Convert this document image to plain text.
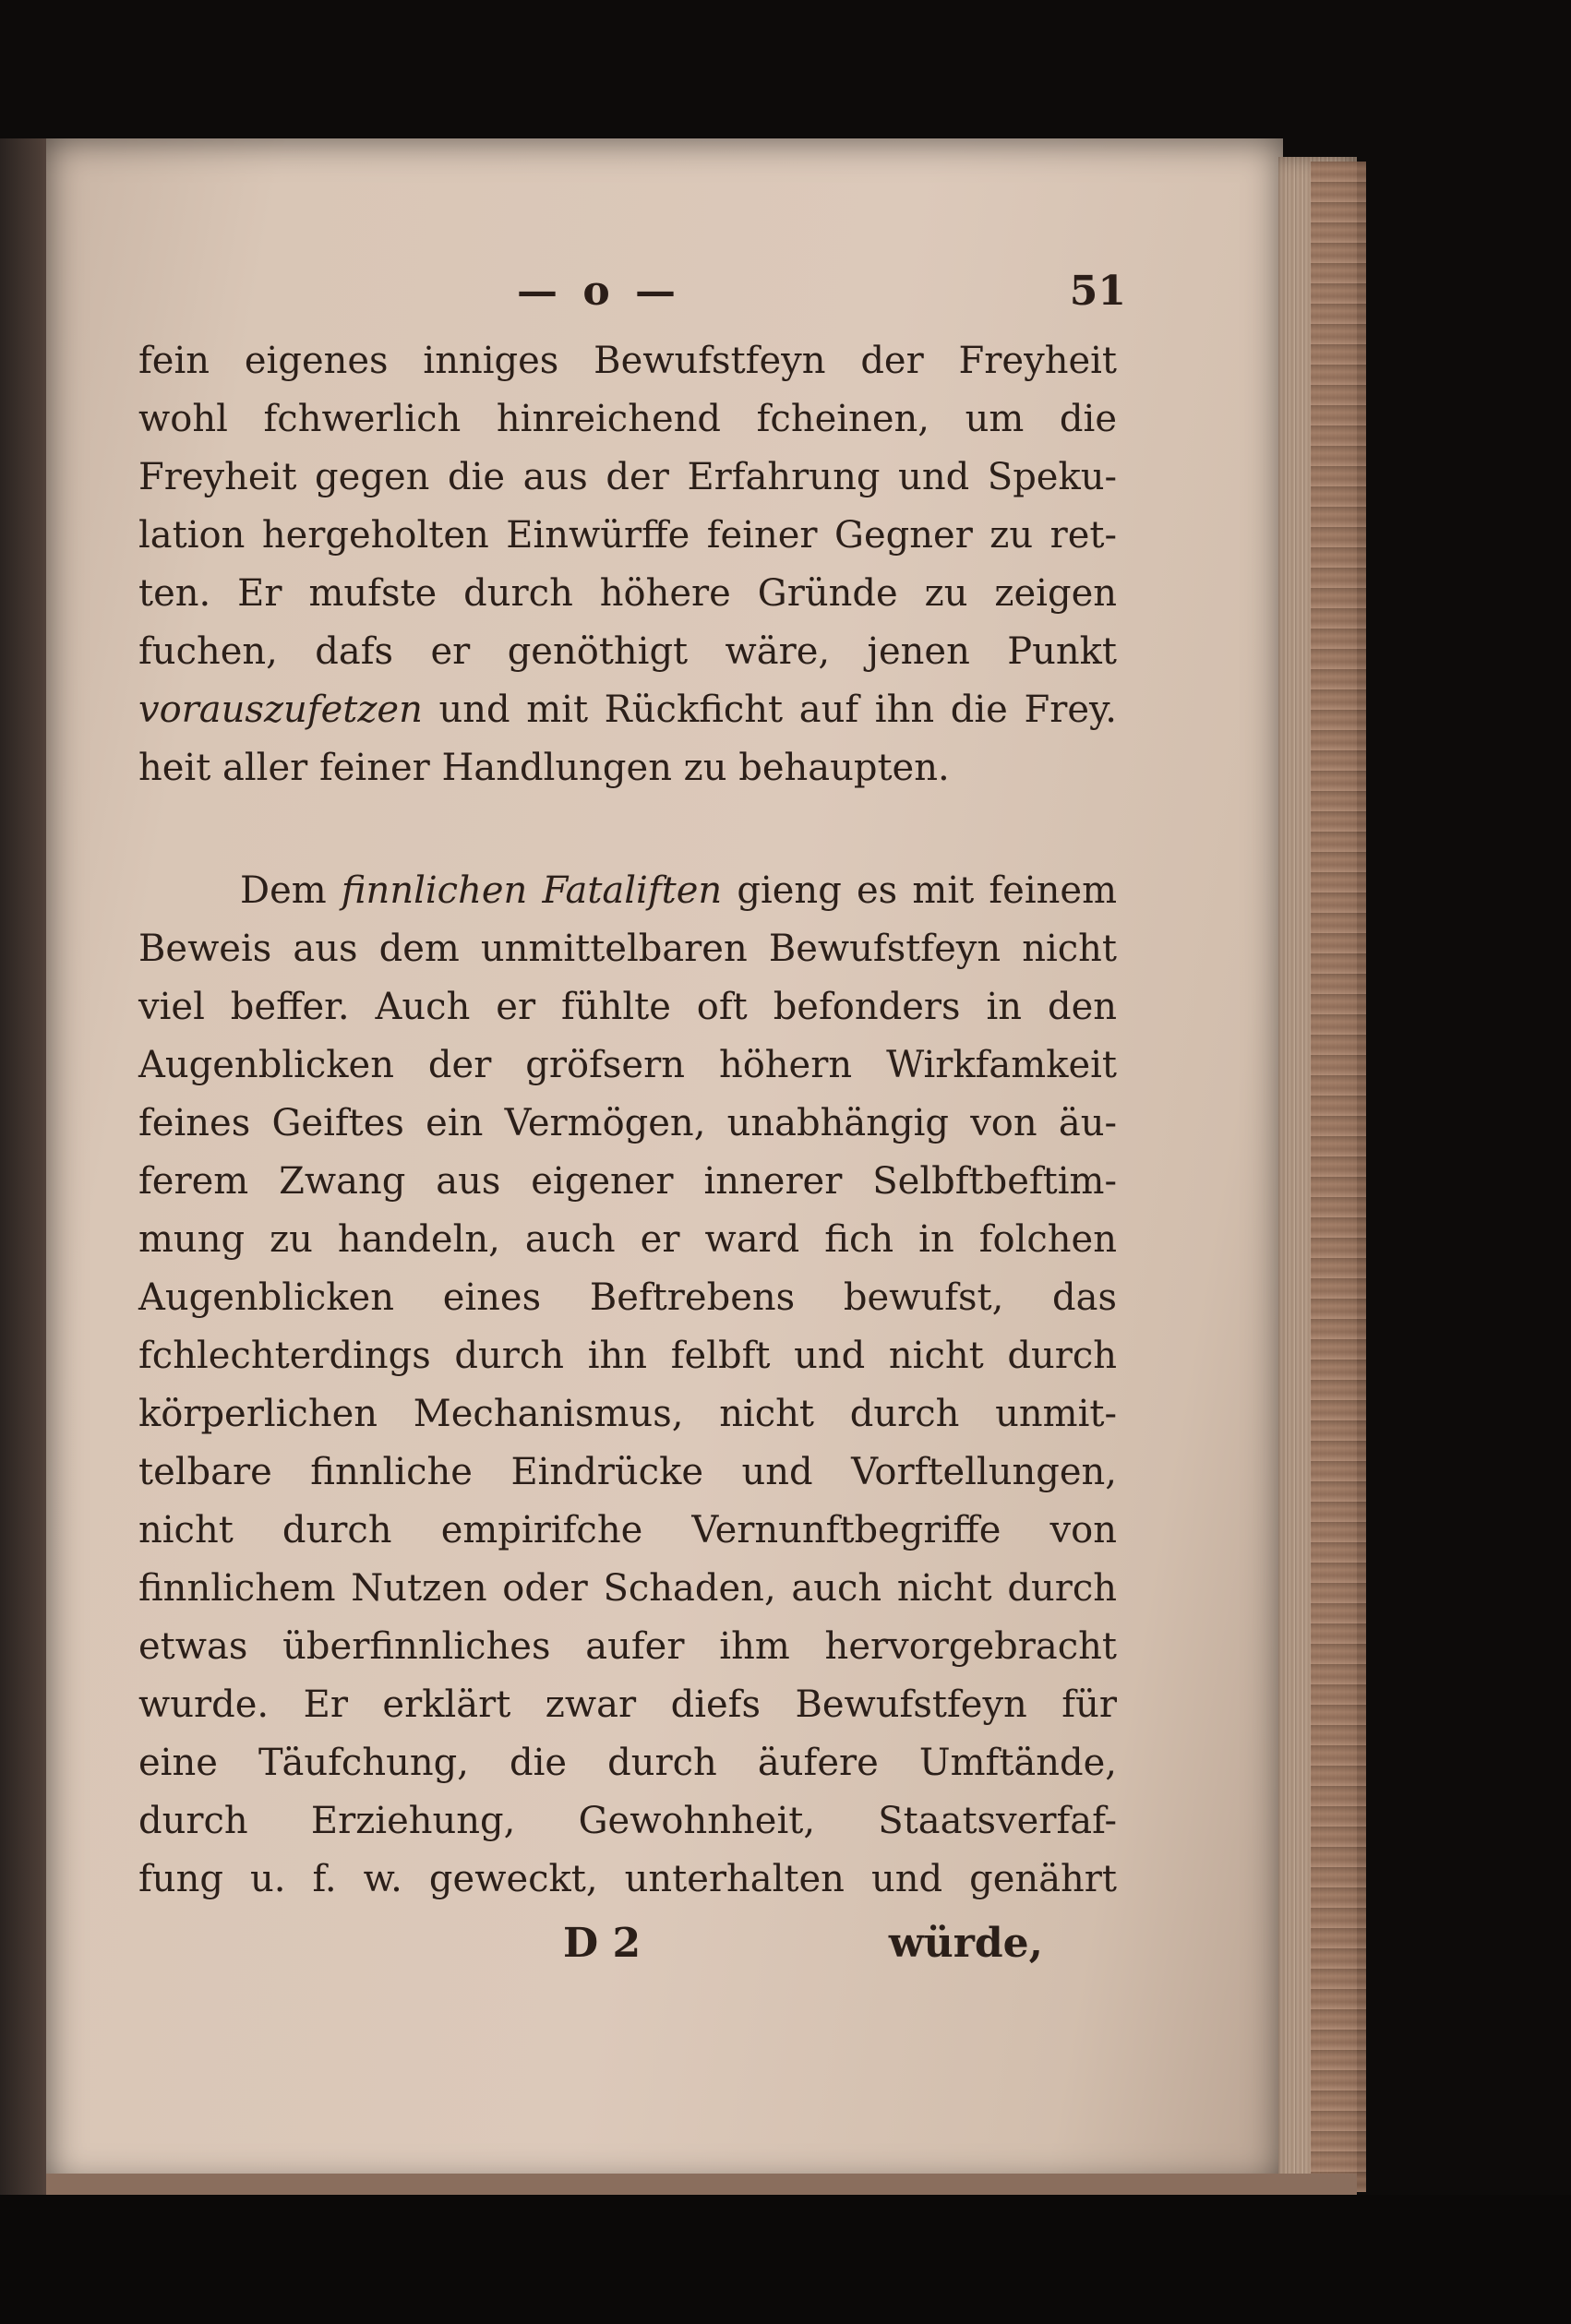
— o —	51
fein eigenes inniges Bewufstfeyn der Freyheit
wohl fchwerlich hinreichend fcheinen, um die
Freyheit gegen die aus der Erfahrung und Speku-
lation hergeholten Einwürffe feiner Gegner zu ret-
ten. Er mufste durch höhere Gründe zu zeigen
fuchen, dafs er genöthigt wäre, jenen Punkt
vorauszufetzen und mit Rückficht auf ihn die Frey.
heit aller feiner Handlungen zu behaupten.
Dem finnlichen Fataliften gieng es mit feinem
Beweis aus dem unmittelbaren Bewufstfeyn nicht
viel beffer. Auch er fühlte oft befonders in den
Augenblicken der gröfsern höhern Wirkfamkeit
feines Geiftes ein Vermögen, unabhängig von äu-
ferem Zwang aus eigener innerer Selbftbeftim-
mung zu handeln, auch er ward fich in folchen
Augenblicken eines Beftrebens bewufst, das
fchlechterdings durch ihn felbft und nicht durch
körperlichen Mechanismus, nicht durch unmit-
telbare finnliche Eindrücke und Vorftellungen,
nicht durch empirifche Vernunftbegriffe von
finnlichem Nutzen oder Schaden, auch nicht durch
etwas überfinnliches aufer ihm hervorgebracht
wurde. Er erklärt zwar diefs Bewufstfeyn für
eine Täufchung, die durch äufere Umftände,
durch Erziehung, Gewohnheit, Staatsverfaf-
fung u. f. w. geweckt, unterhalten und genährt
D 2	würde,
